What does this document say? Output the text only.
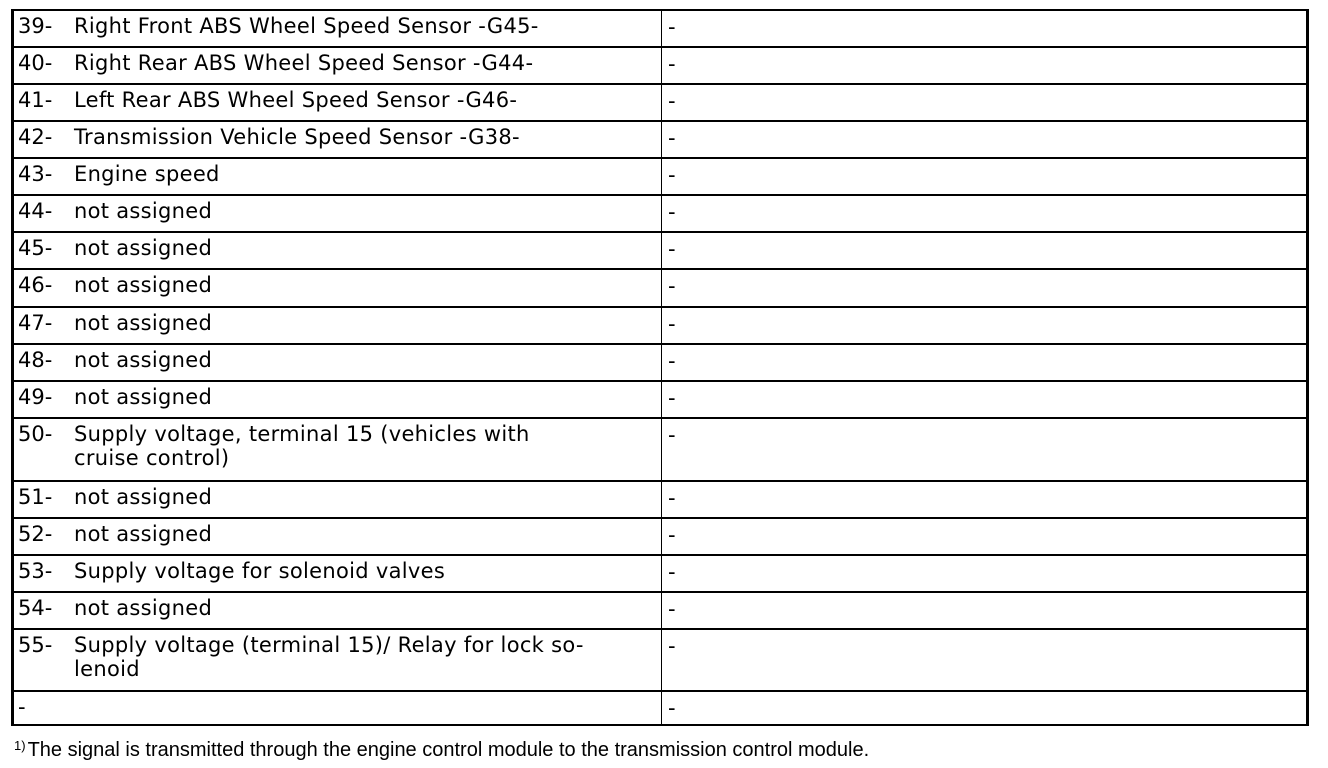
39- Right Front ABS Wheel Speed Sensor -G45-	-

40- Right Rear ABS Wheel Speed Sensor -G44-	-

41- Left Rear ABS Wheel Speed Sensor -G46-	-

42- Transmission Vehicle Speed Sensor -G38-	-

43- Engine speed	-

44- not assigned	-

45- not assigned	-

46- not assigned	-

47- not assigned	-

48- not assigned	-

49- not assigned	-

50- Supply voltage, terminal 15 (vehicles with
cruise control)	-

51- not assigned	-

52- not assigned	-

53- Supply voltage for solenoid valves	-

54- not assigned	-

55- Supply voltage (terminal 15)/ Relay for lock so-
lenoid	-

-	-
$^{1)}$ The signal is transmitted through the engine control module to the transmission control module.
